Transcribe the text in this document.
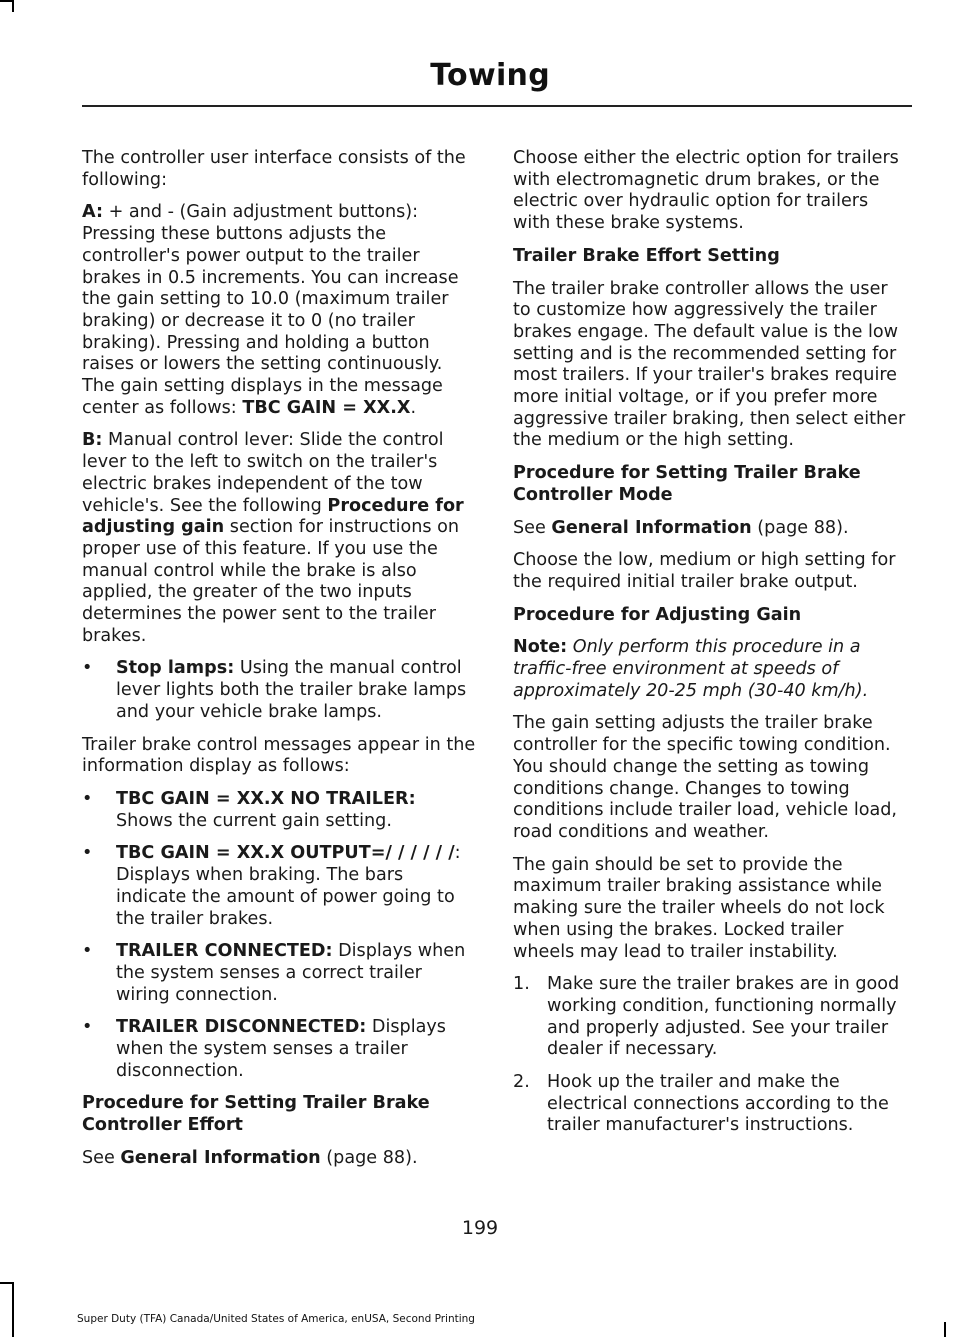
Towing

The controller user interface consists of the following:

A: + and - (Gain adjustment buttons): Pressing these buttons adjusts the controller's power output to the trailer brakes in 0.5 increments. You can increase the gain setting to 10.0 (maximum trailer braking) or decrease it to 0 (no trailer braking). Pressing and holding a button raises or lowers the setting continuously. The gain setting displays in the message center as follows: TBC GAIN = XX.X.

B: Manual control lever: Slide the control lever to the left to switch on the trailer's electric brakes independent of the tow vehicle's. See the following Procedure for adjusting gain section for instructions on proper use of this feature. If you use the manual control while the brake is also applied, the greater of the two inputs determines the power sent to the trailer brakes.

• Stop lamps: Using the manual control lever lights both the trailer brake lamps and your vehicle brake lamps.

Trailer brake control messages appear in the information display as follows:

• TBC GAIN = XX.X NO TRAILER: Shows the current gain setting.
• TBC GAIN = XX.X OUTPUT=/ / / / / /: Displays when braking. The bars indicate the amount of power going to the trailer brakes.
• TRAILER CONNECTED: Displays when the system senses a correct trailer wiring connection.
• TRAILER DISCONNECTED: Displays when the system senses a trailer disconnection.
Procedure for Setting Trailer Brake Controller Effort

See General Information (page 88).

Choose either the electric option for trailers with electromagnetic drum brakes, or the electric over hydraulic option for trailers with these brake systems.

Trailer Brake Effort Setting

The trailer brake controller allows the user to customize how aggressively the trailer brakes engage. The default value is the low setting and is the recommended setting for most trailers. If your trailer's brakes require more initial voltage, or if you prefer more aggressive trailer braking, then select either the medium or the high setting.

Procedure for Setting Trailer Brake Controller Mode

See General Information (page 88).

Choose the low, medium or high setting for the required initial trailer brake output.

Procedure for Adjusting Gain

Note: Only perform this procedure in a traffic-free environment at speeds of approximately 20-25 mph (30-40 km/h).

The gain setting adjusts the trailer brake controller for the specific towing condition. You should change the setting as towing conditions change. Changes to towing conditions include trailer load, vehicle load, road conditions and weather.

The gain should be set to provide the maximum trailer braking assistance while making sure the trailer wheels do not lock when using the brakes. Locked trailer wheels may lead to trailer instability.

1. Make sure the trailer brakes are in good working condition, functioning normally and properly adjusted. See your trailer dealer if necessary.
2. Hook up the trailer and make the electrical connections according to the trailer manufacturer's instructions.
199
Super Duty (TFA) Canada/United States of America, enUSA, Second Printing
